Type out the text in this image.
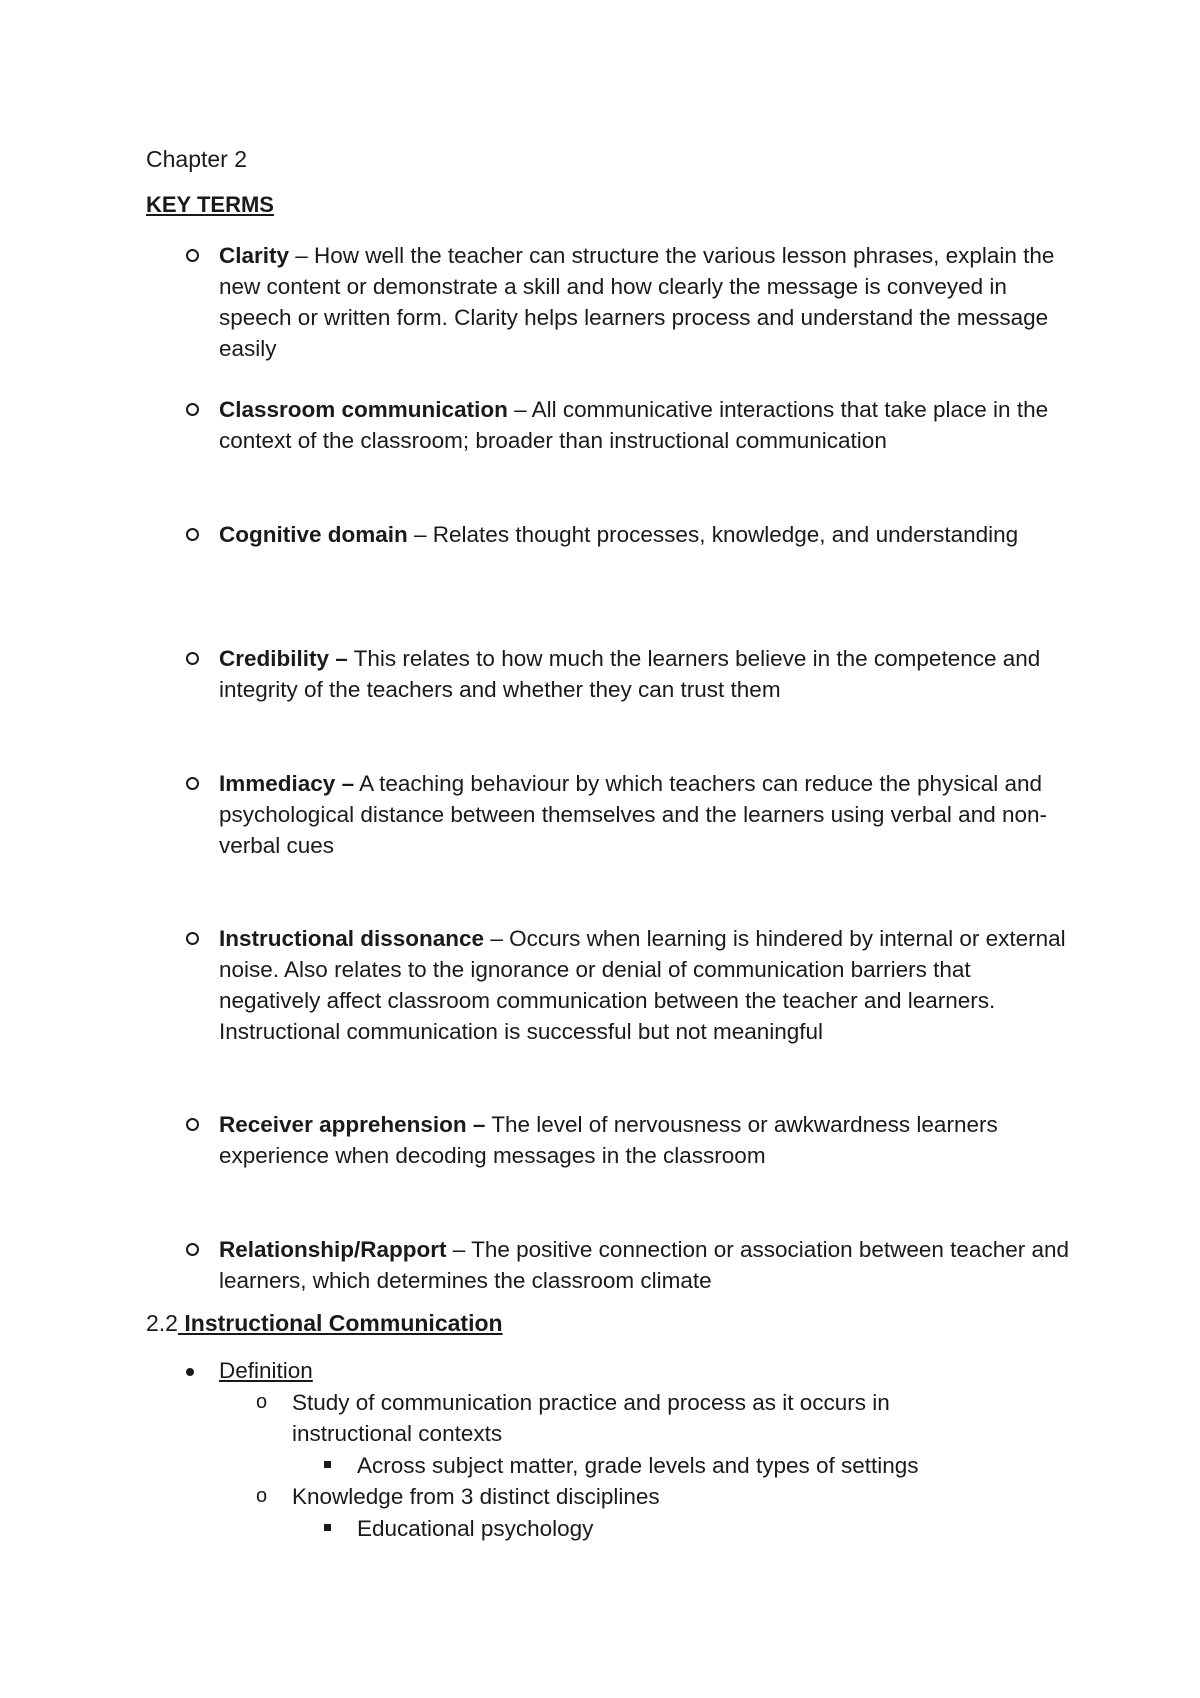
Chapter 2
KEY TERMS
Clarity – How well the teacher can structure the various lesson phrases, explain the new content or demonstrate a skill and how clearly the message is conveyed in speech or written form. Clarity helps learners process and understand the message easily
Classroom communication – All communicative interactions that take place in the context of the classroom; broader than instructional communication
Cognitive domain – Relates thought processes, knowledge, and understanding
Credibility – This relates to how much the learners believe in the competence and integrity of the teachers and whether they can trust them
Immediacy – A teaching behaviour by which teachers can reduce the physical and psychological distance between themselves and the learners using verbal and non-verbal cues
Instructional dissonance – Occurs when learning is hindered by internal or external noise. Also relates to the ignorance or denial of communication barriers that negatively affect classroom communication between the teacher and learners. Instructional communication is successful but not meaningful
Receiver apprehension – The level of nervousness or awkwardness learners experience when decoding messages in the classroom
Relationship/Rapport – The positive connection or association between teacher and learners, which determines the classroom climate
2.2 Instructional Communication
Definition
o Study of communication practice and process as it occurs in instructional contexts
Across subject matter, grade levels and types of settings
o Knowledge from 3 distinct disciplines
Educational psychology
